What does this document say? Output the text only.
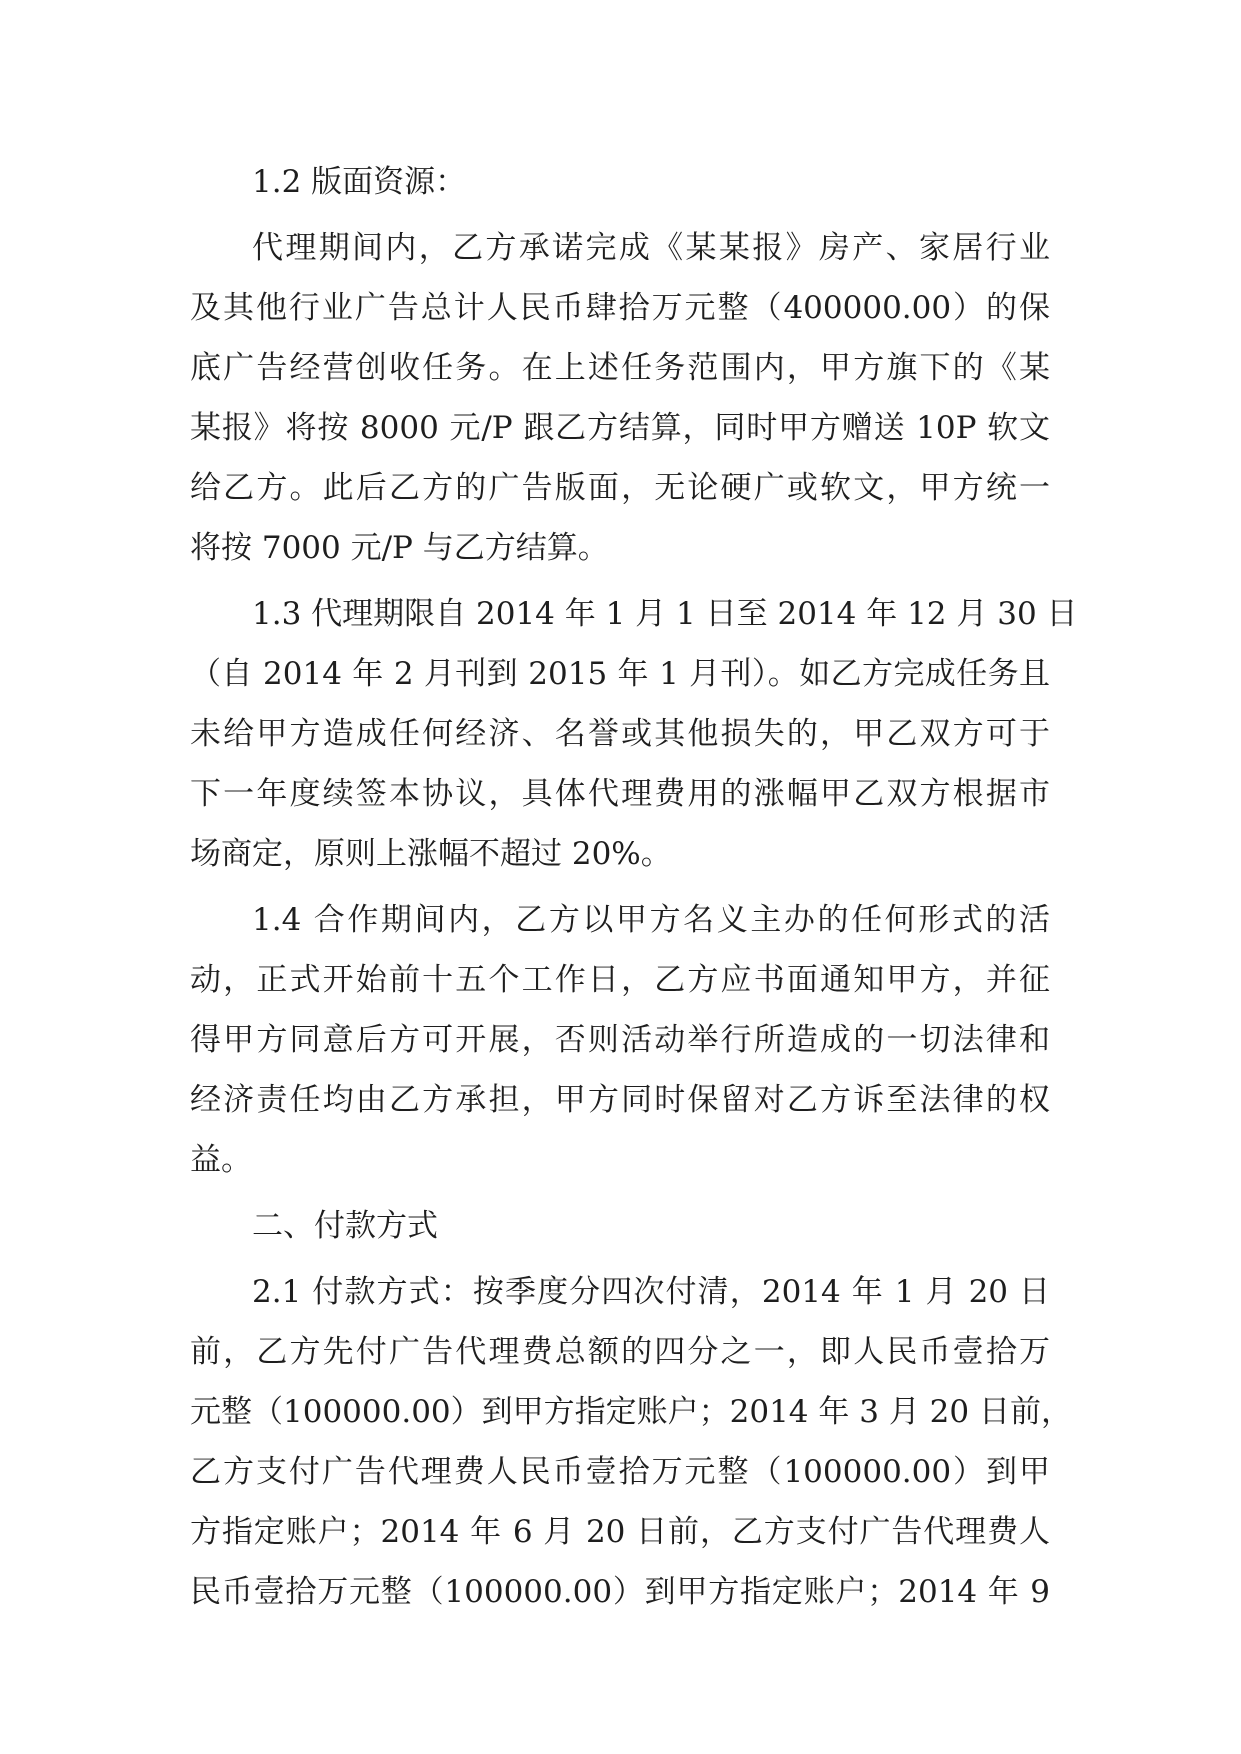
1.2 版面资源：
代理期间内，乙方承诺完成《某某报》房产、家居行业
及其他行业广告总计人民币肆拾万元整（400000.00）的保
底广告经营创收任务。在上述任务范围内，甲方旗下的《某
某报》将按 8000 元/P 跟乙方结算，同时甲方赠送 10P 软文
给乙方。此后乙方的广告版面，无论硬广或软文，甲方统一
将按 7000 元/P 与乙方结算。
1.3 代理期限自 2014 年 1 月 1 日至 2014 年 12 月 30 日
（自 2014 年 2 月刊到 2015 年 1 月刊）。如乙方完成任务且
未给甲方造成任何经济、名誉或其他损失的，甲乙双方可于
下一年度续签本协议，具体代理费用的涨幅甲乙双方根据市
场商定，原则上涨幅不超过 20%。
1.4 合作期间内，乙方以甲方名义主办的任何形式的活
动，正式开始前十五个工作日，乙方应书面通知甲方，并征
得甲方同意后方可开展，否则活动举行所造成的一切法律和
经济责任均由乙方承担，甲方同时保留对乙方诉至法律的权
益。
二、付款方式
2.1 付款方式：按季度分四次付清，2014 年 1 月 20 日
前，乙方先付广告代理费总额的四分之一，即人民币壹拾万
元整（100000.00）到甲方指定账户；2014 年 3 月 20 日前，
乙方支付广告代理费人民币壹拾万元整（100000.00）到甲
方指定账户；2014 年 6 月 20 日前，乙方支付广告代理费人
民币壹拾万元整（100000.00）到甲方指定账户；2014 年 9
